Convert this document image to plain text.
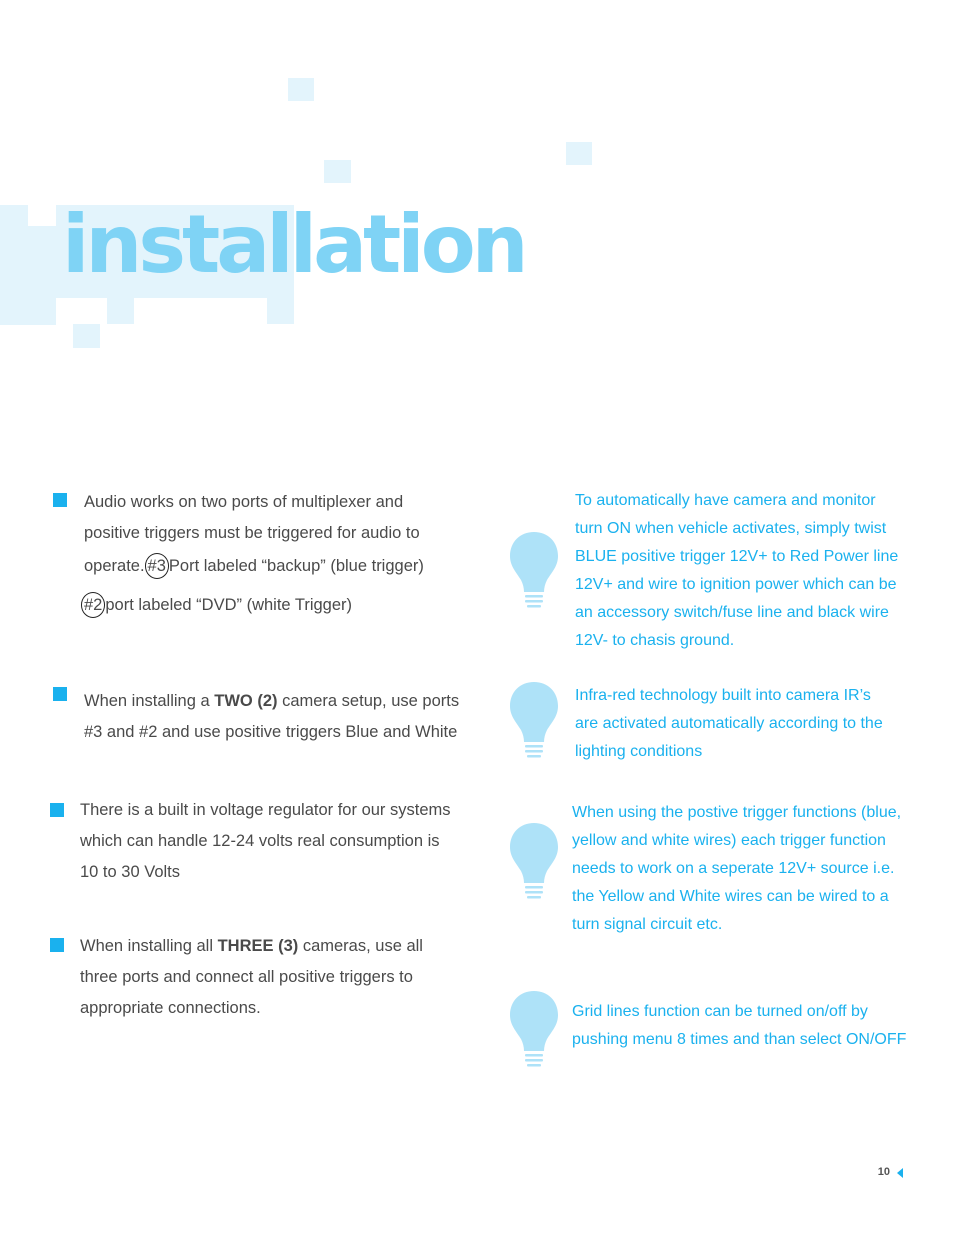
installation
Audio works on two ports of multiplexer and
positive triggers must be triggered for audio to
operate. #3 Port labeled “backup” (blue trigger)
#2 port labeled “DVD” (white Trigger)
When installing a TWO (2) camera setup, use ports
#3 and #2 and use positive triggers Blue and White
There is a built in voltage regulator for our systems
which can handle 12-24 volts real consumption is
10 to 30 Volts
When installing all THREE (3) cameras, use all
three ports and connect all positive triggers to
appropriate connections.
To automatically have camera and monitor
turn ON when vehicle activates, simply twist
BLUE positive trigger 12V+ to Red Power line
12V+ and wire to ignition power which can be
an accessory switch/fuse line and black wire
12V- to chasis ground.
Infra-red technology built into camera IR’s
are activated automatically according to the
lighting conditions
When using the postive trigger functions (blue,
yellow and white wires) each trigger function
needs to work on a seperate 12V+ source i.e.
the Yellow and White wires can be wired to a
turn signal circuit etc.
Grid lines function can be turned on/off by
pushing menu 8 times and than select ON/OFF
10
